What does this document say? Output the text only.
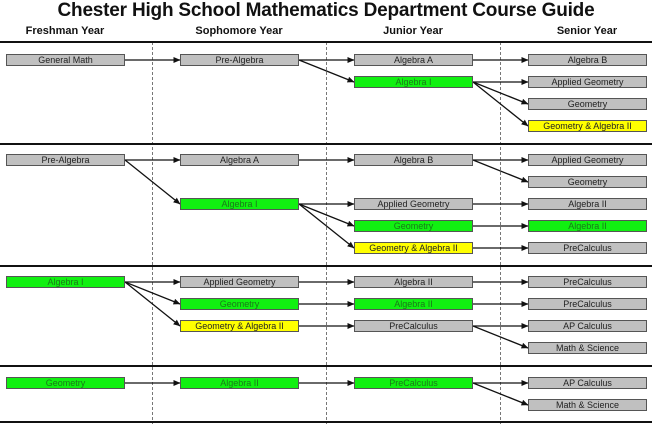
Chester High School Mathematics Department Course Guide
Freshman Year	Sophomore Year	Junior Year	Senior Year
General Math	Pre-Algebra	Algebra A
Algebra I
Algebra B
Applied Geometry
Geometry
Geometry & Algebra II
Pre-Algebra	Algebra A
Algebra I
Algebra B
Applied Geometry
Geometry
Geometry & Algebra II
Applied Geometry
Geometry
Algebra II
Algebra II
PreCalculus
Algebra I	Applied Geometry
Geometry
Geometry & Algebra II
Algebra II
Algebra II
PreCalculus
PreCalculus
PreCalculus
AP Calculus
Math & Science
Geometry	Algebra II	PreCalculus	AP Calculus
Math & Science
